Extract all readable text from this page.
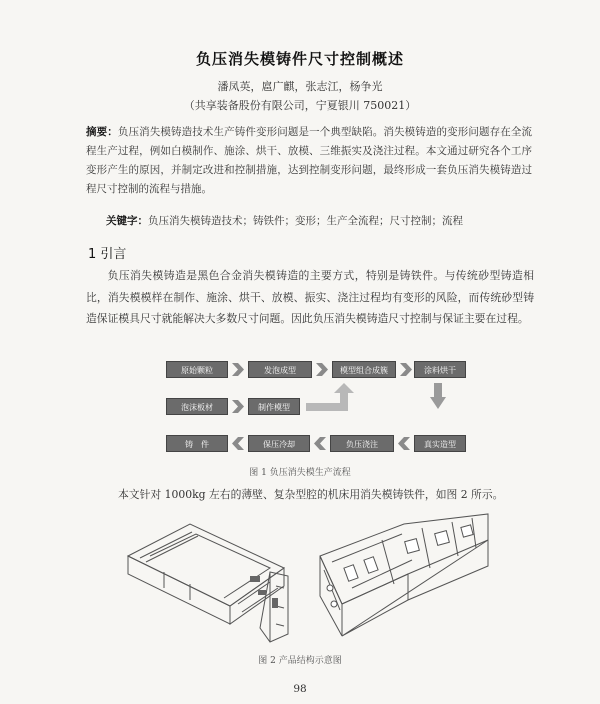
负压消失模铸件尺寸控制概述
潘凤英，扈广麒，张志江，杨争光
（共享装备股份有限公司，宁夏银川 750021）
摘要：负压消失模铸造技术生产铸件变形问题是一个典型缺陷。消失模铸造的变形问题存在全流程生产过程，例如白模制作、施涂、烘干、放模、三维振实及浇注过程。本文通过研究各个工序变形产生的原因，并制定改进和控制措施，达到控制变形问题，最终形成一套负压消失模铸造过程尺寸控制的流程与措施。
关键字：负压消失模铸造技术；铸铁件；变形；生产全流程；尺寸控制；流程
1 引言
负压消失模铸造是黑色合金消失模铸造的主要方式，特别是铸铁件。与传统砂型铸造相比，消失模模样在制作、施涂、烘干、放模、振实、浇注过程均有变形的风险，而传统砂型铸造保证模具尺寸就能解决大多数尺寸问题。因此负压消失模铸造尺寸控制与保证主要在过程。
原始颗粒	发泡成型	模型组合成簇	涂料烘干
泡沫板材	制作模型
铸　件	保压冷却	负压浇注	真实造型
图 1 负压消失模生产流程
本文针对 1000kg 左右的薄壁、复杂型腔的机床用消失模铸铁件，如图 2 所示。
图 2 产品结构示意图
98
